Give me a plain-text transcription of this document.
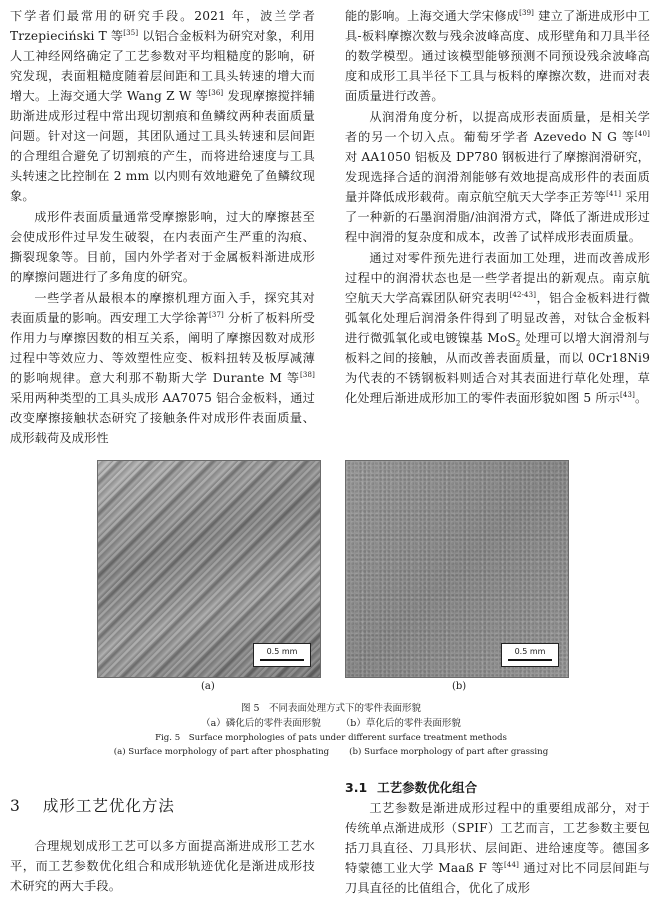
下学者们最常用的研究手段。2021 年，波兰学者 Trzepieciński T 等[35] 以铝合金板料为研究对象，利用人工神经网络确定了工艺参数对平均粗糙度的影响，研究发现，表面粗糙度随着层间距和工具头转速的增大而增大。上海交通大学 Wang Z W 等[36] 发现摩擦搅拌辅助渐进成形过程中常出现切割痕和鱼鳞纹两种表面质量问题。针对这一问题，其团队通过工具头转速和层间距的合理组合避免了切割痕的产生，而将进给速度与工具头转速之比控制在 2 mm 以内则有效地避免了鱼鳞纹现象。

成形件表面质量通常受摩擦影响，过大的摩擦甚至会使成形件过早发生破裂，在内表面产生严重的沟痕、撕裂现象等。目前，国内外学者对于金属板料渐进成形的摩擦问题进行了多角度的研究。

一些学者从最根本的摩擦机理方面入手，探究其对表面质量的影响。西安理工大学徐菁[37] 分析了板料所受作用力与摩擦因数的相互关系，阐明了摩擦因数对成形过程中等效应力、等效塑性应变、板料扭转及板厚减薄的影响规律。意大利那不勒斯大学 Durante M 等[38] 采用两种类型的工具头成形 AA7075 铝合金板料，通过改变摩擦接触状态研究了接触条件对成形件表面质量、成形载荷及成形性

能的影响。上海交通大学宋修成[39] 建立了渐进成形中工具-板料摩擦次数与残余波峰高度、成形壁角和刀具半径的数学模型。通过该模型能够预测不同预设残余波峰高度和成形工具半径下工具与板料的摩擦次数，进而对表面质量进行改善。

从润滑角度分析，以提高成形表面质量，是相关学者的另一个切入点。葡萄牙学者 Azevedo N G 等[40] 对 AA1050 铝板及 DP780 钢板进行了摩擦润滑研究，发现选择合适的润滑剂能够有效地提高成形件的表面质量并降低成形载荷。南京航空航天大学李正芳等[41] 采用了一种新的石墨润滑脂/油润滑方式，降低了渐进成形过程中润滑的复杂度和成本，改善了试样成形表面质量。

通过对零件预先进行表面加工处理，进而改善成形过程中的润滑状态也是一些学者提出的新观点。南京航空航天大学高霖团队研究表明[42-43]，铝合金板料进行微弧氧化处理后润滑条件得到了明显改善，对钛合金板料进行微弧氧化或电镀镍基 MoS$_2$ 处理可以增大润滑剂与板料之间的接触，从而改善表面质量，而以 0Cr18Ni9 为代表的不锈钢板料则适合对其表面进行草化处理，草化处理后渐进成形加工的零件表面形貌如图 5 所示[43]。

0.5 mm	0.5 mm
(a)	(b)
图 5　不同表面处理方式下的零件表面形貌
（a）磷化后的零件表面形貌 （b）草化后的零件表面形貌
Fig. 5　Surface morphologies of pats under different surface treatment methods
(a) Surface morphology of part after phosphating (b) Surface morphology of part after grassing
3 成形工艺优化方法

合理规划成形工艺可以多方面提高渐进成形工艺水平，而工艺参数优化组合和成形轨迹优化是渐进成形技术研究的两大手段。

3.1 工艺参数优化组合

工艺参数是渐进成形过程中的重要组成部分，对于传统单点渐进成形（SPIF）工艺而言，工艺参数主要包括刀具直径、刀具形状、层间距、进给速度等。德国多特蒙德工业大学 Maaß F 等[44] 通过对比不同层间距与刀具直径的比值组合，优化了成形
